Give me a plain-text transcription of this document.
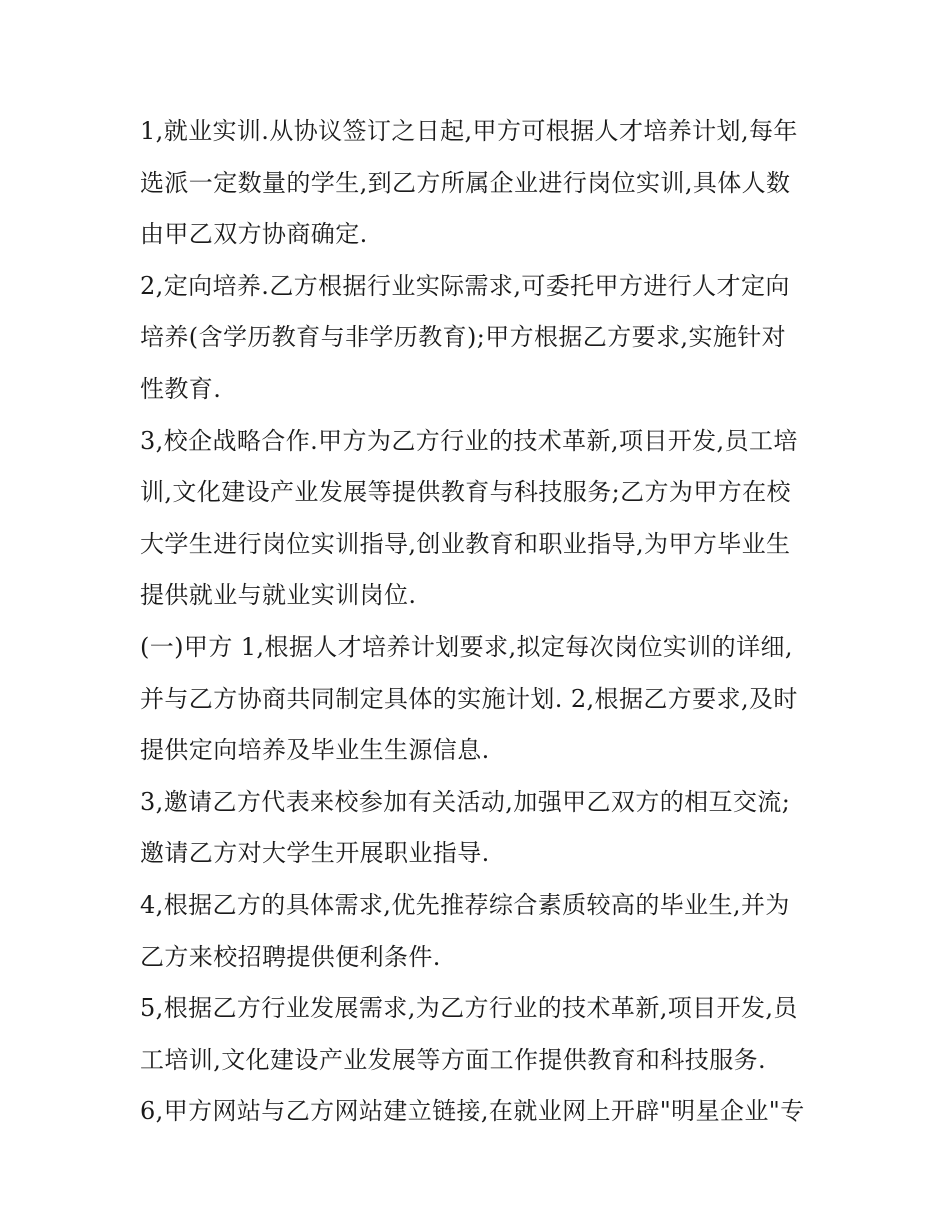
1,就业实训.从协议签订之日起,甲方可根据人才培养计划,每年
选派一定数量的学生,到乙方所属企业进行岗位实训,具体人数
由甲乙双方协商确定.
2,定向培养.乙方根据行业实际需求,可委托甲方进行人才定向
培养(含学历教育与非学历教育);甲方根据乙方要求,实施针对
性教育.
3,校企战略合作.甲方为乙方行业的技术革新,项目开发,员工培
训,文化建设产业发展等提供教育与科技服务;乙方为甲方在校
大学生进行岗位实训指导,创业教育和职业指导,为甲方毕业生
提供就业与就业实训岗位.
(一)甲方 1,根据人才培养计划要求,拟定每次岗位实训的详细,
并与乙方协商共同制定具体的实施计划. 2,根据乙方要求,及时
提供定向培养及毕业生生源信息.
3,邀请乙方代表来校参加有关活动,加强甲乙双方的相互交流;
邀请乙方对大学生开展职业指导.
4,根据乙方的具体需求,优先推荐综合素质较高的毕业生,并为
乙方来校招聘提供便利条件.
5,根据乙方行业发展需求,为乙方行业的技术革新,项目开发,员
工培训,文化建设产业发展等方面工作提供教育和科技服务.
6,甲方网站与乙方网站建立链接,在就业网上开辟"明星企业"专
